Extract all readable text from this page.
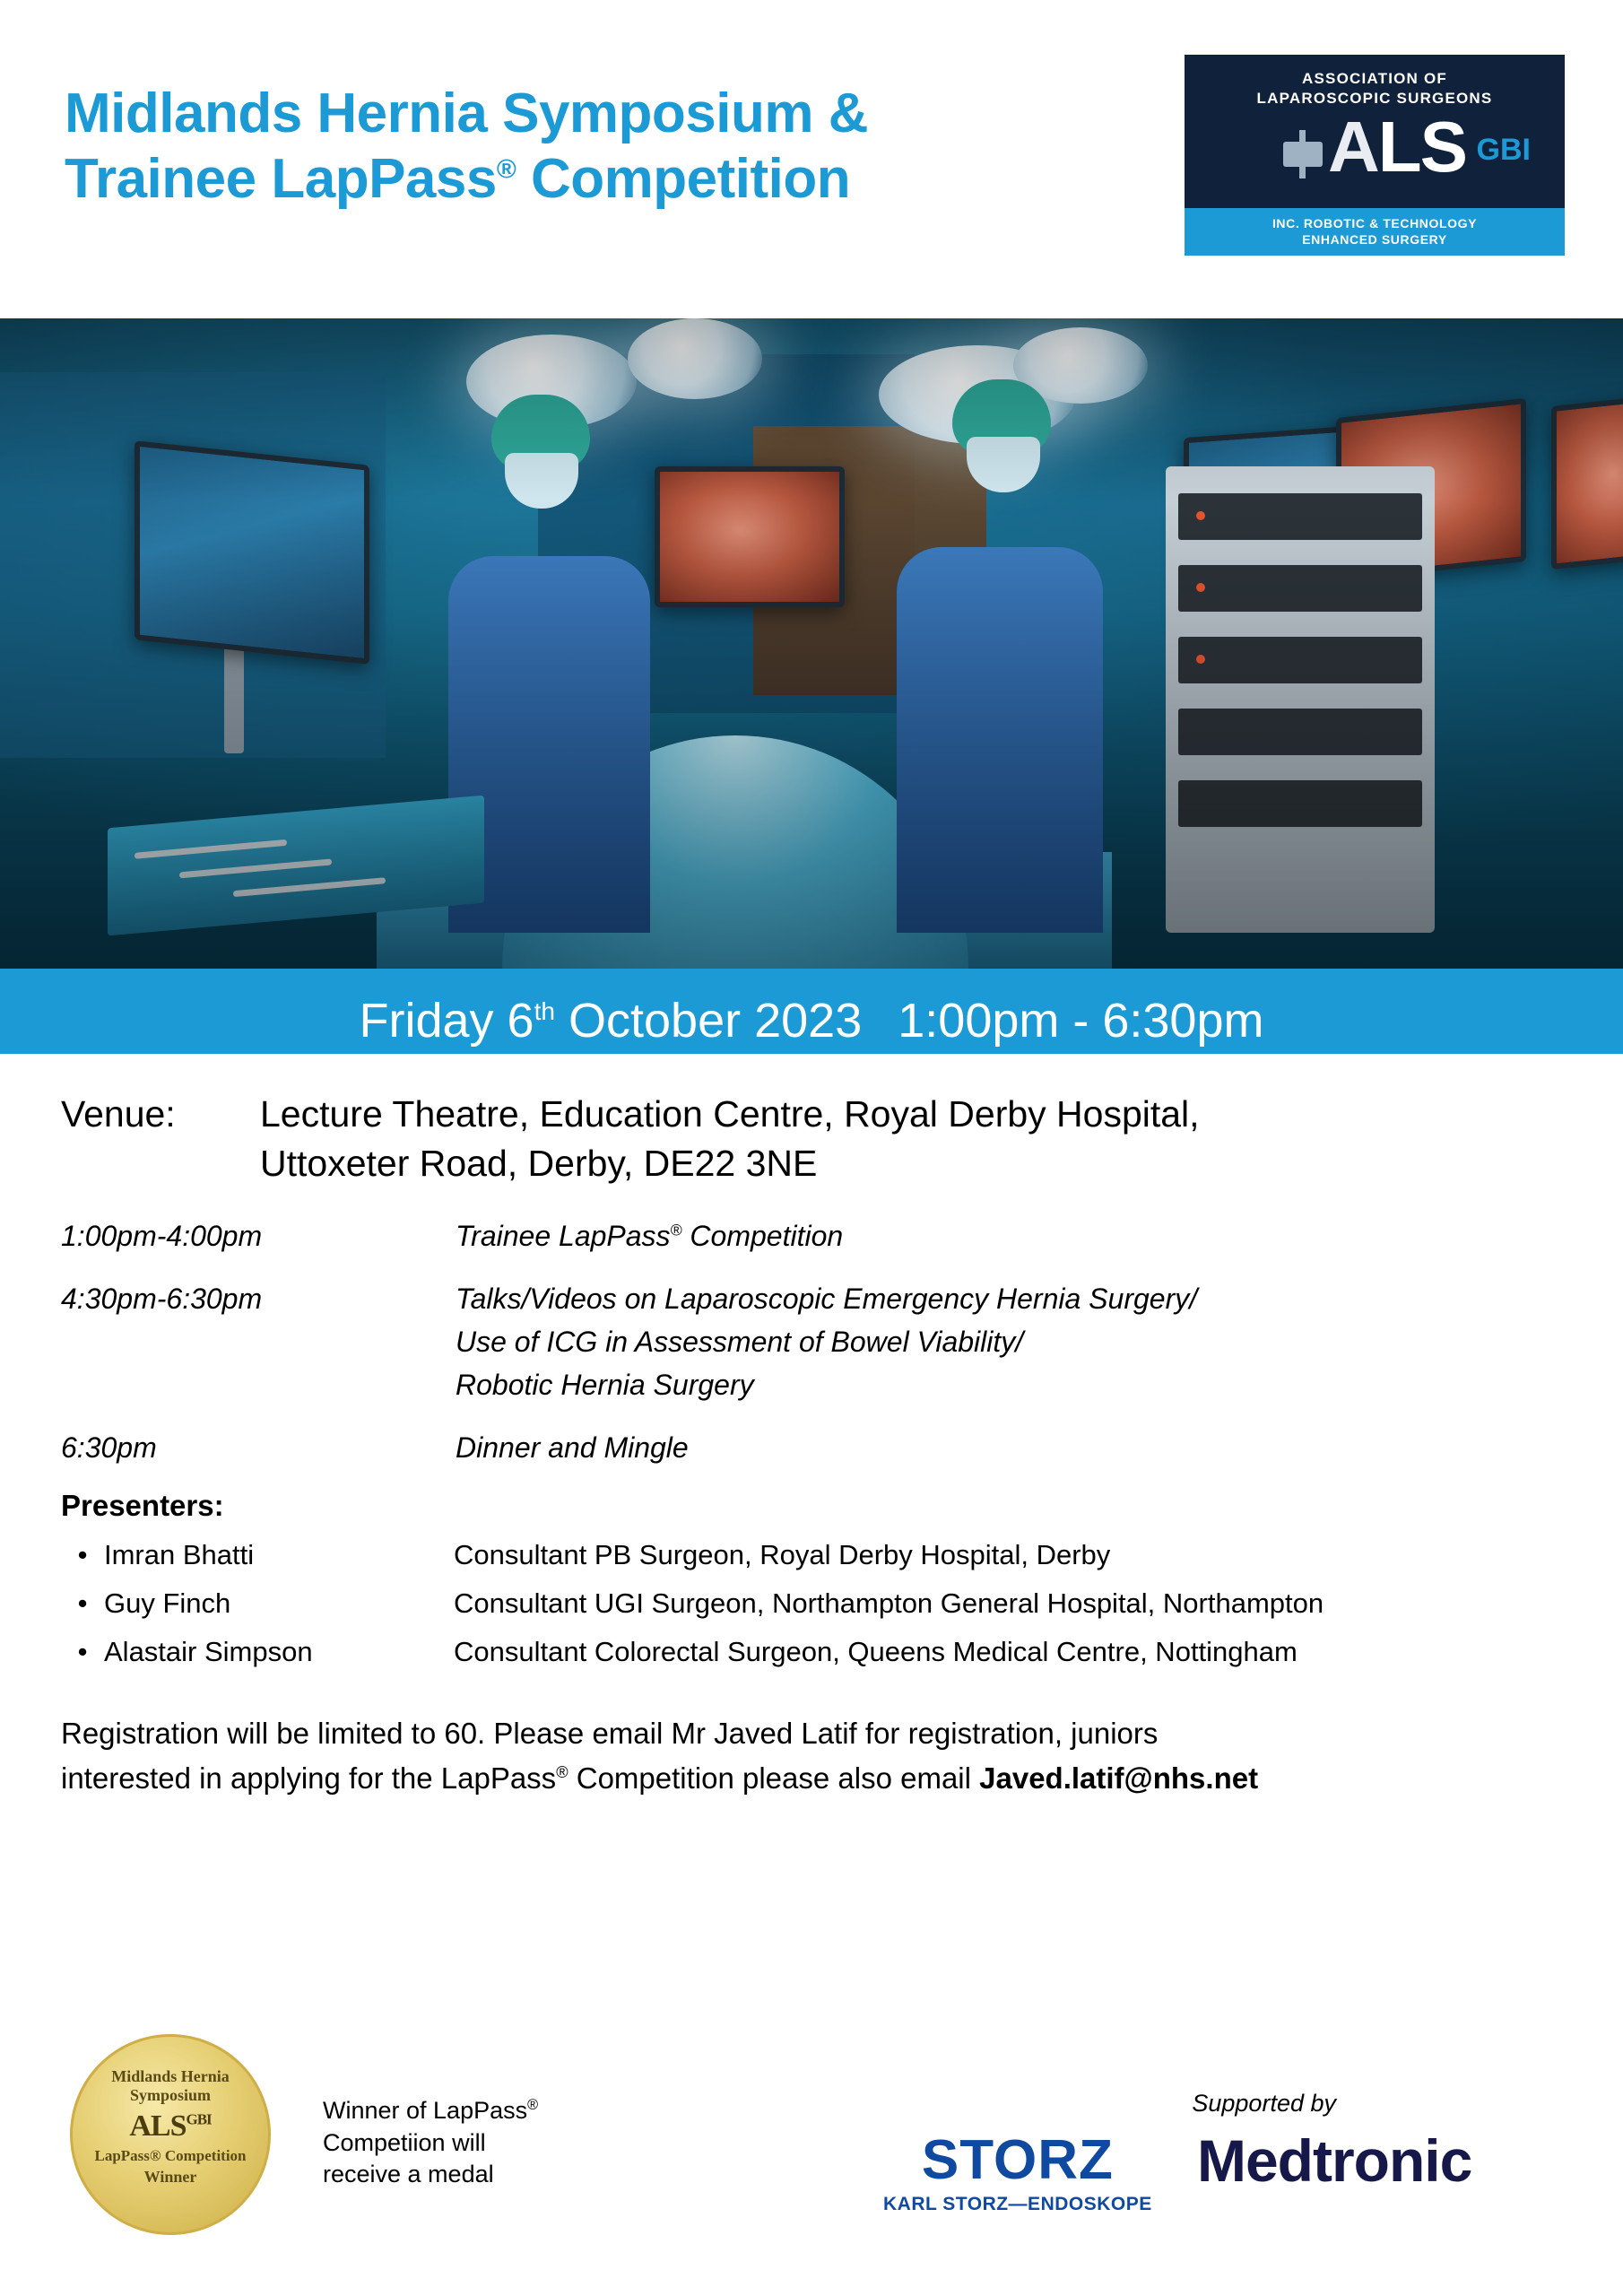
Midlands Hernia Symposium &
Trainee LapPass® Competition
ASSOCIATION OF
LAPAROSCOPIC SURGEONS
ALS GBI
INC. ROBOTIC & TECHNOLOGY
ENHANCED SURGERY
Friday 6th October 2023 1:00pm - 6:30pm
Venue:	Lecture Theatre, Education Centre, Royal Derby Hospital,
Uttoxeter Road, Derby, DE22 3NE
1:00pm-4:00pm	Trainee LapPass® Competition
4:30pm-6:30pm	Talks/Videos on Laparoscopic Emergency Hernia Surgery/
Use of ICG in Assessment of Bowel Viability/
Robotic Hernia Surgery
6:30pm	Dinner and Mingle
Presenters:
• Imran Bhatti	Consultant PB Surgeon, Royal Derby Hospital, Derby
• Guy Finch	Consultant UGI Surgeon, Northampton General Hospital, Northampton
• Alastair Simpson	Consultant Colorectal Surgeon, Queens Medical Centre, Nottingham
Registration will be limited to 60. Please email Mr Javed Latif for registration, juniors
interested in applying for the LapPass® Competition please also email Javed.latif@nhs.net
Midlands Hernia
Symposium
$ALS^{GBI}$
LapPass® Competition
Winner
Winner of LapPass®
Competiion will
receive a medal
Supported by
STORZ
KARL STORZ—ENDOSKOPE
Medtronic
